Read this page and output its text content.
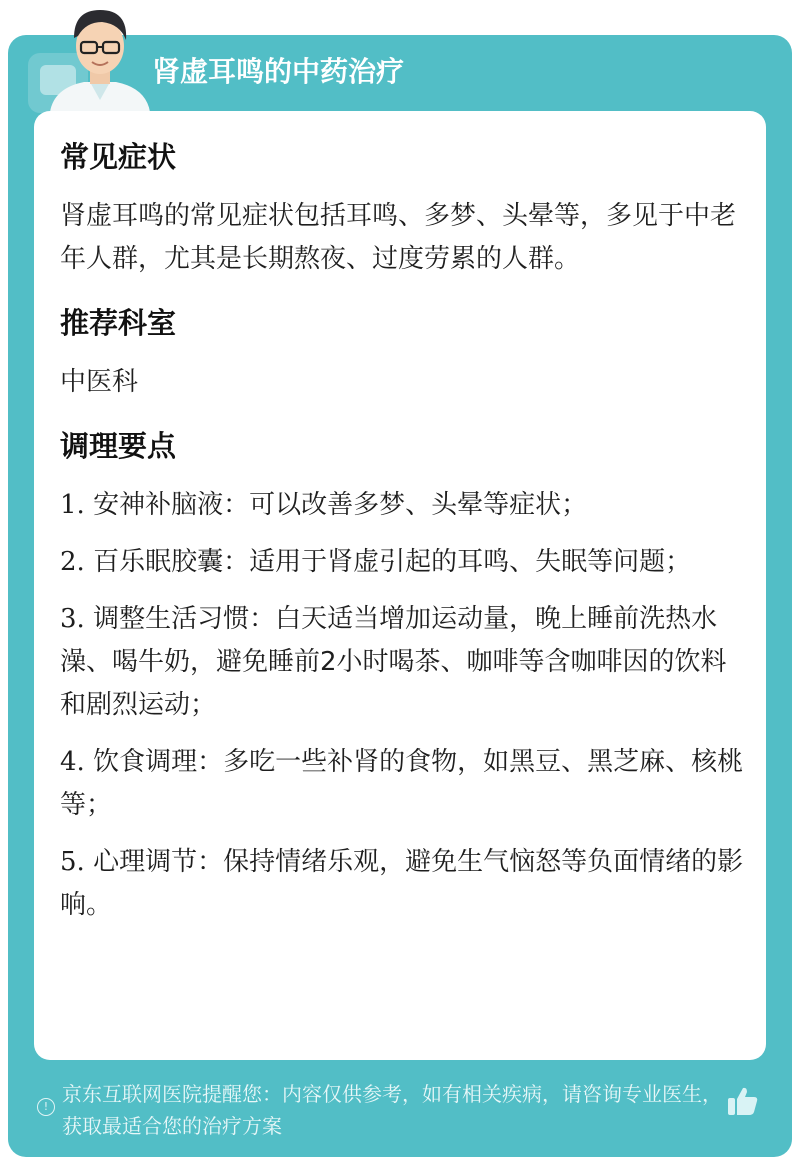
肾虚耳鸣的中药治疗
常见症状

肾虚耳鸣的常见症状包括耳鸣、多梦、头晕等，多见于中老年人群，尤其是长期熬夜、过度劳累的人群。

推荐科室

中医科

调理要点

1. 安神补脑液：可以改善多梦、头晕等症状；

2. 百乐眠胶囊：适用于肾虚引起的耳鸣、失眠等问题；

3. 调整生活习惯：白天适当增加运动量，晚上睡前洗热水澡、喝牛奶，避免睡前2小时喝茶、咖啡等含咖啡因的饮料和剧烈运动；

4. 饮食调理：多吃一些补肾的食物，如黑豆、黑芝麻、核桃等；

5. 心理调节：保持情绪乐观，避免生气恼怒等负面情绪的影响。

!
京东互联网医院提醒您：内容仅供参考，如有相关疾病，请咨询专业医生，获取最适合您的治疗方案
